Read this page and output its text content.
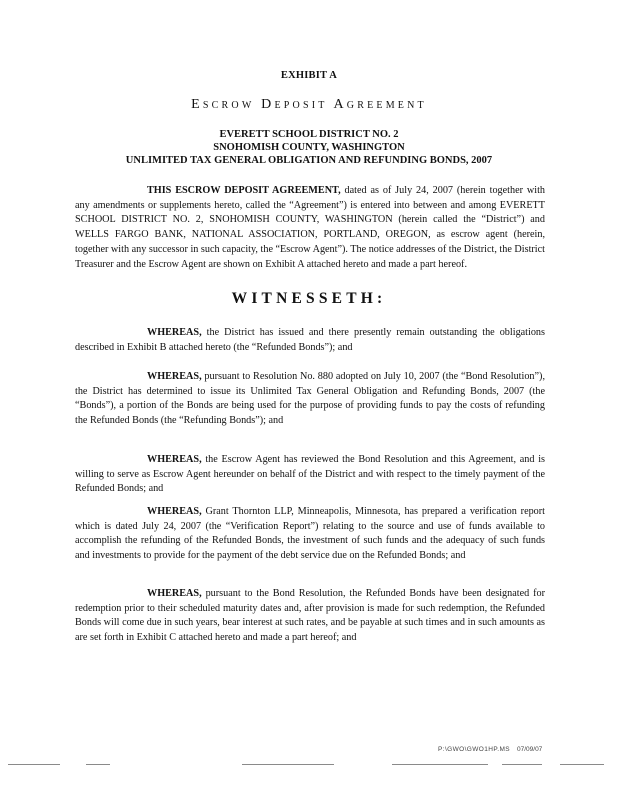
EXHIBIT A
Escrow Deposit Agreement
EVERETT SCHOOL DISTRICT NO. 2
SNOHOMISH COUNTY, WASHINGTON
UNLIMITED TAX GENERAL OBLIGATION AND REFUNDING BONDS, 2007

THIS ESCROW DEPOSIT AGREEMENT, dated as of July 24, 2007 (herein together with any amendments or supplements hereto, called the “Agreement”) is entered into between and among EVERETT SCHOOL DISTRICT NO. 2, SNOHOMISH COUNTY, WASHINGTON (herein called the “District”) and WELLS FARGO BANK, NATIONAL ASSOCIATION, PORTLAND, OREGON, as escrow agent (herein, together with any successor in such capacity, the “Escrow Agent”). The notice addresses of the District, the District Treasurer and the Escrow Agent are shown on Exhibit A attached hereto and made a part hereof.

WITNESSETH:

WHEREAS, the District has issued and there presently remain outstanding the obligations described in Exhibit B attached hereto (the “Refunded Bonds”); and

WHEREAS, pursuant to Resolution No. 880 adopted on July 10, 2007 (the “Bond Resolution”), the District has determined to issue its Unlimited Tax General Obligation and Refunding Bonds, 2007 (the “Bonds”), a portion of the Bonds are being used for the purpose of providing funds to pay the costs of refunding the Refunded Bonds (the “Refunding Bonds”); and

WHEREAS, the Escrow Agent has reviewed the Bond Resolution and this Agreement, and is willing to serve as Escrow Agent hereunder on behalf of the District and with respect to the timely payment of the Refunded Bonds; and

WHEREAS, Grant Thornton LLP, Minneapolis, Minnesota, has prepared a verification report which is dated July 24, 2007 (the “Verification Report”) relating to the source and use of funds available to accomplish the refunding of the Refunded Bonds, the investment of such funds and the adequacy of such funds and investments to provide for the payment of the debt service due on the Refunded Bonds; and

WHEREAS, pursuant to the Bond Resolution, the Refunded Bonds have been designated for redemption prior to their scheduled maturity dates and, after provision is made for such redemption, the Refunded Bonds will come due in such years, bear interest at such rates, and be payable at such times and in such amounts as are set forth in Exhibit C attached hereto and made a part hereof; and

P:\GWO\GWO1HP.MS 07/09/07
